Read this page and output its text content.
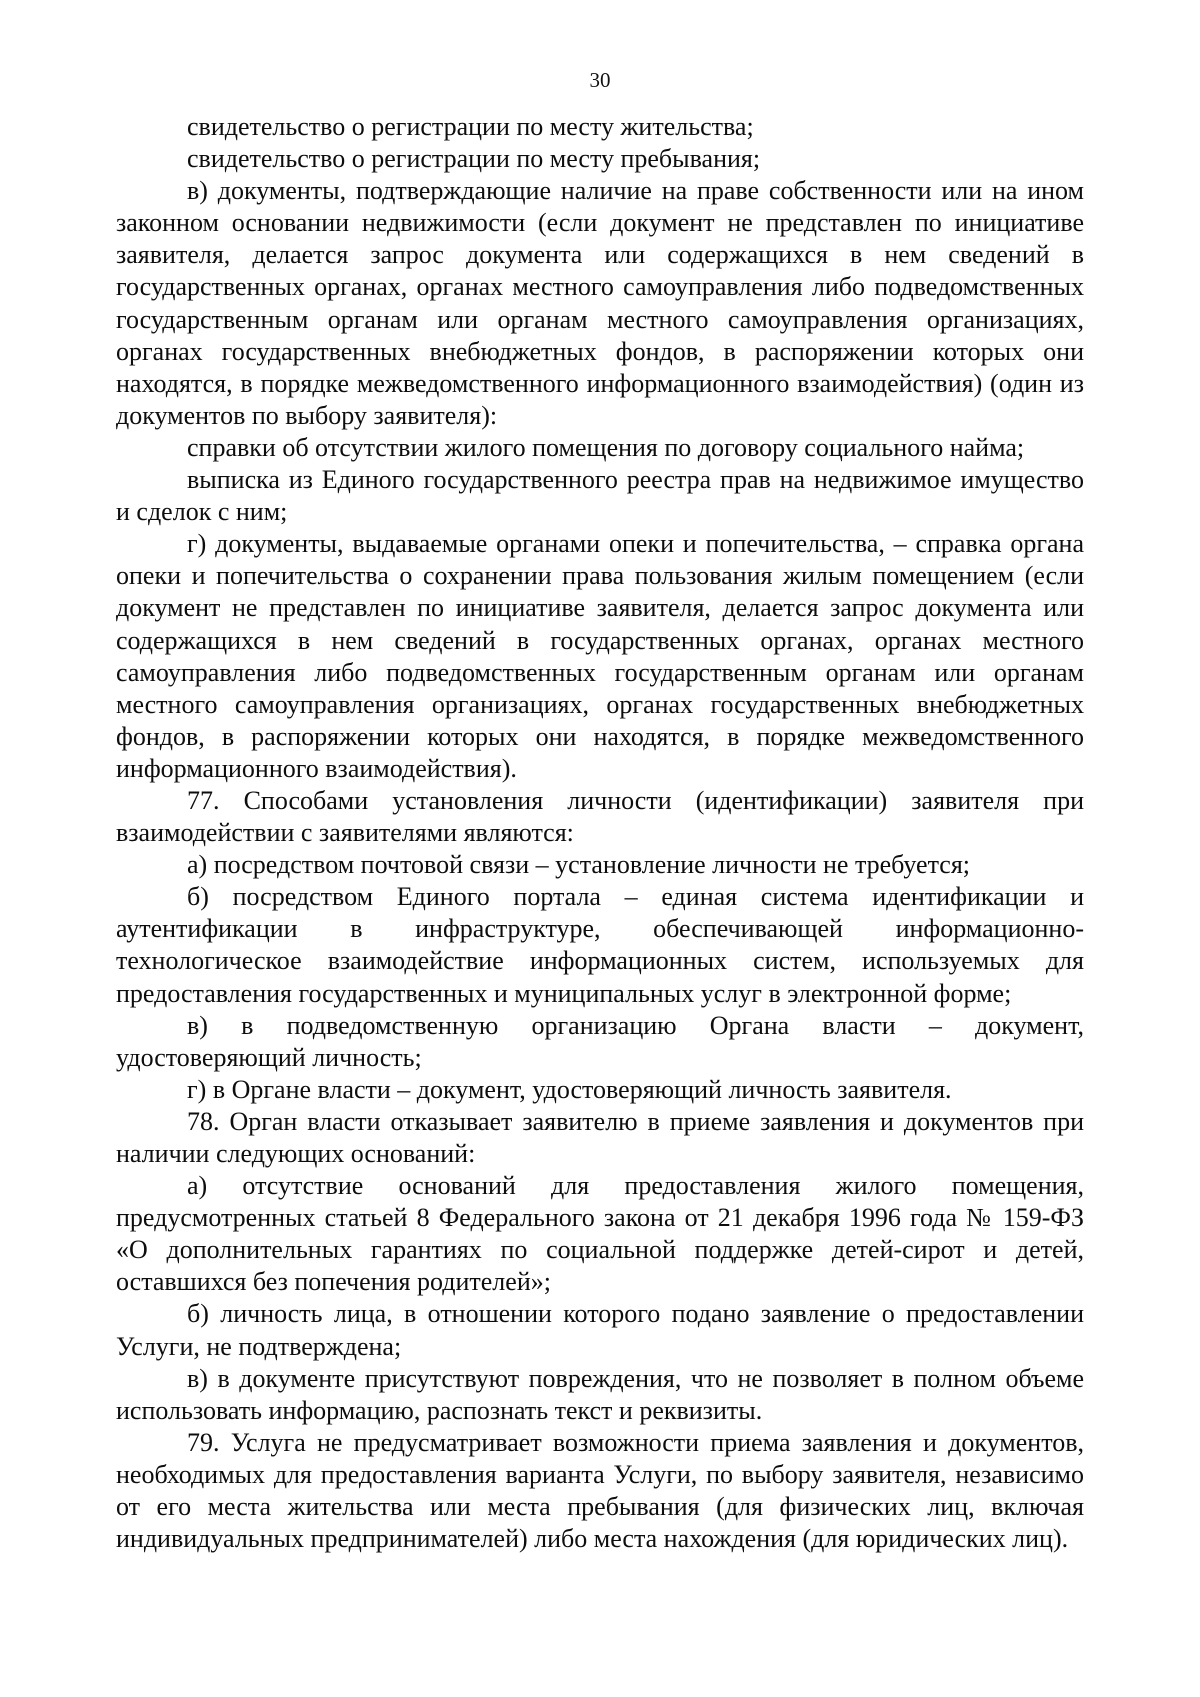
30

свидетельство о регистрации по месту жительства;

свидетельство о регистрации по месту пребывания;

в) документы, подтверждающие наличие на праве собственности или на ином законном основании недвижимости (если документ не представлен по инициативе заявителя, делается запрос документа или содержащихся в нем сведений в государственных органах, органах местного самоуправления либо подведомственных государственным органам или органам местного самоуправления организациях, органах государственных внебюджетных фондов, в распоряжении которых они находятся, в порядке межведомственного информационного взаимодействия) (один из документов по выбору заявителя):

справки об отсутствии жилого помещения по договору социального найма;

выписка из Единого государственного реестра прав на недвижимое имущество и сделок с ним;

г) документы, выдаваемые органами опеки и попечительства, – справка органа опеки и попечительства о сохранении права пользования жилым помещением (если документ не представлен по инициативе заявителя, делается запрос документа или содержащихся в нем сведений в государственных органах, органах местного самоуправления либо подведомственных государственным органам или органам местного самоуправления организациях, органах государственных внебюджетных фондов, в распоряжении которых они находятся, в порядке межведомственного информационного взаимодействия).

77. Способами установления личности (идентификации) заявителя при взаимодействии с заявителями являются:

а) посредством почтовой связи – установление личности не требуется;

б) посредством Единого портала – единая система идентификации и аутентификации в инфраструктуре, обеспечивающей информационно-технологическое взаимодействие информационных систем, используемых для предоставления государственных и муниципальных услуг в электронной форме;

в) в подведомственную организацию Органа власти – документ, удостоверяющий личность;

г) в Органе власти – документ, удостоверяющий личность заявителя.

78. Орган власти отказывает заявителю в приеме заявления и документов при наличии следующих оснований:

а) отсутствие оснований для предоставления жилого помещения, предусмотренных статьей 8 Федерального закона от 21 декабря 1996 года № 159-ФЗ «О дополнительных гарантиях по социальной поддержке детей-сирот и детей, оставшихся без попечения родителей»;

б) личность лица, в отношении которого подано заявление о предоставлении Услуги, не подтверждена;

в) в документе присутствуют повреждения, что не позволяет в полном объеме использовать информацию, распознать текст и реквизиты.

79. Услуга не предусматривает возможности приема заявления и документов, необходимых для предоставления варианта Услуги, по выбору заявителя, независимо от его места жительства или места пребывания (для физических лиц, включая индивидуальных предпринимателей) либо места нахождения (для юридических лиц).
